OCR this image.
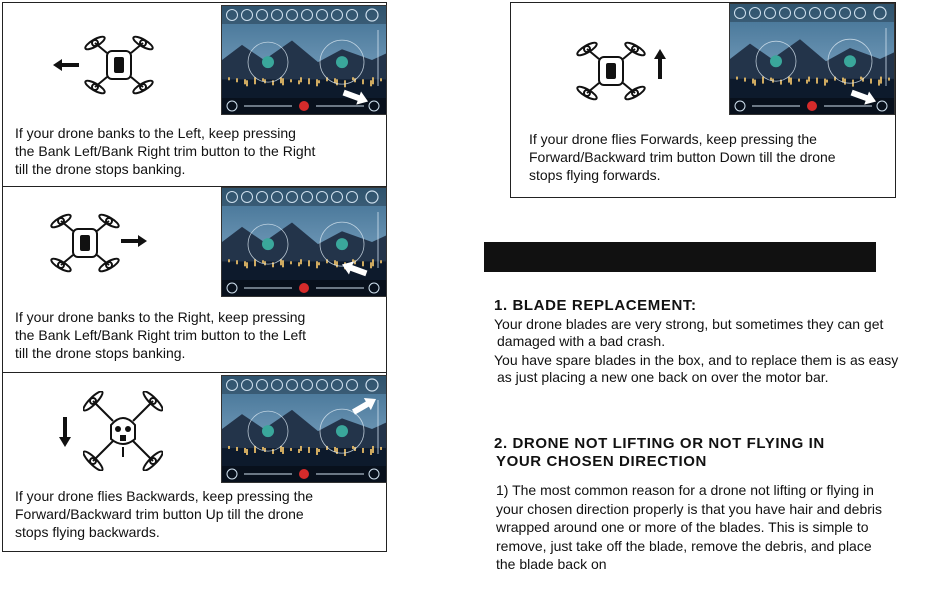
If your drone banks to the Left, keep pressing
the Bank Left/Bank Right trim button to the Right
till the drone stops banking.
If your drone banks to the Right, keep pressing
the Bank Left/Bank Right trim button to the Left
till the drone stops banking.
If your drone flies Backwards, keep pressing the
Forward/Backward trim button Up till the drone
stops flying backwards.
If your drone flies Forwards, keep pressing the
Forward/Backward trim button Down till the drone
stops flying forwards.
1. BLADE REPLACEMENT:
Your drone blades are very strong, but sometimes they can get
damaged with a bad crash.
You have spare blades in the box, and to replace them is as easy
as just placing a new one back on over the motor bar.
2. DRONE NOT LIFTING OR NOT FLYING IN
YOUR CHOSEN DIRECTION
1) The most common reason for a drone not lifting or flying in
your chosen direction properly is that you have hair and debris
wrapped around one or more of the blades. This is simple to
remove, just take off the blade, remove the debris, and place
the blade back on
